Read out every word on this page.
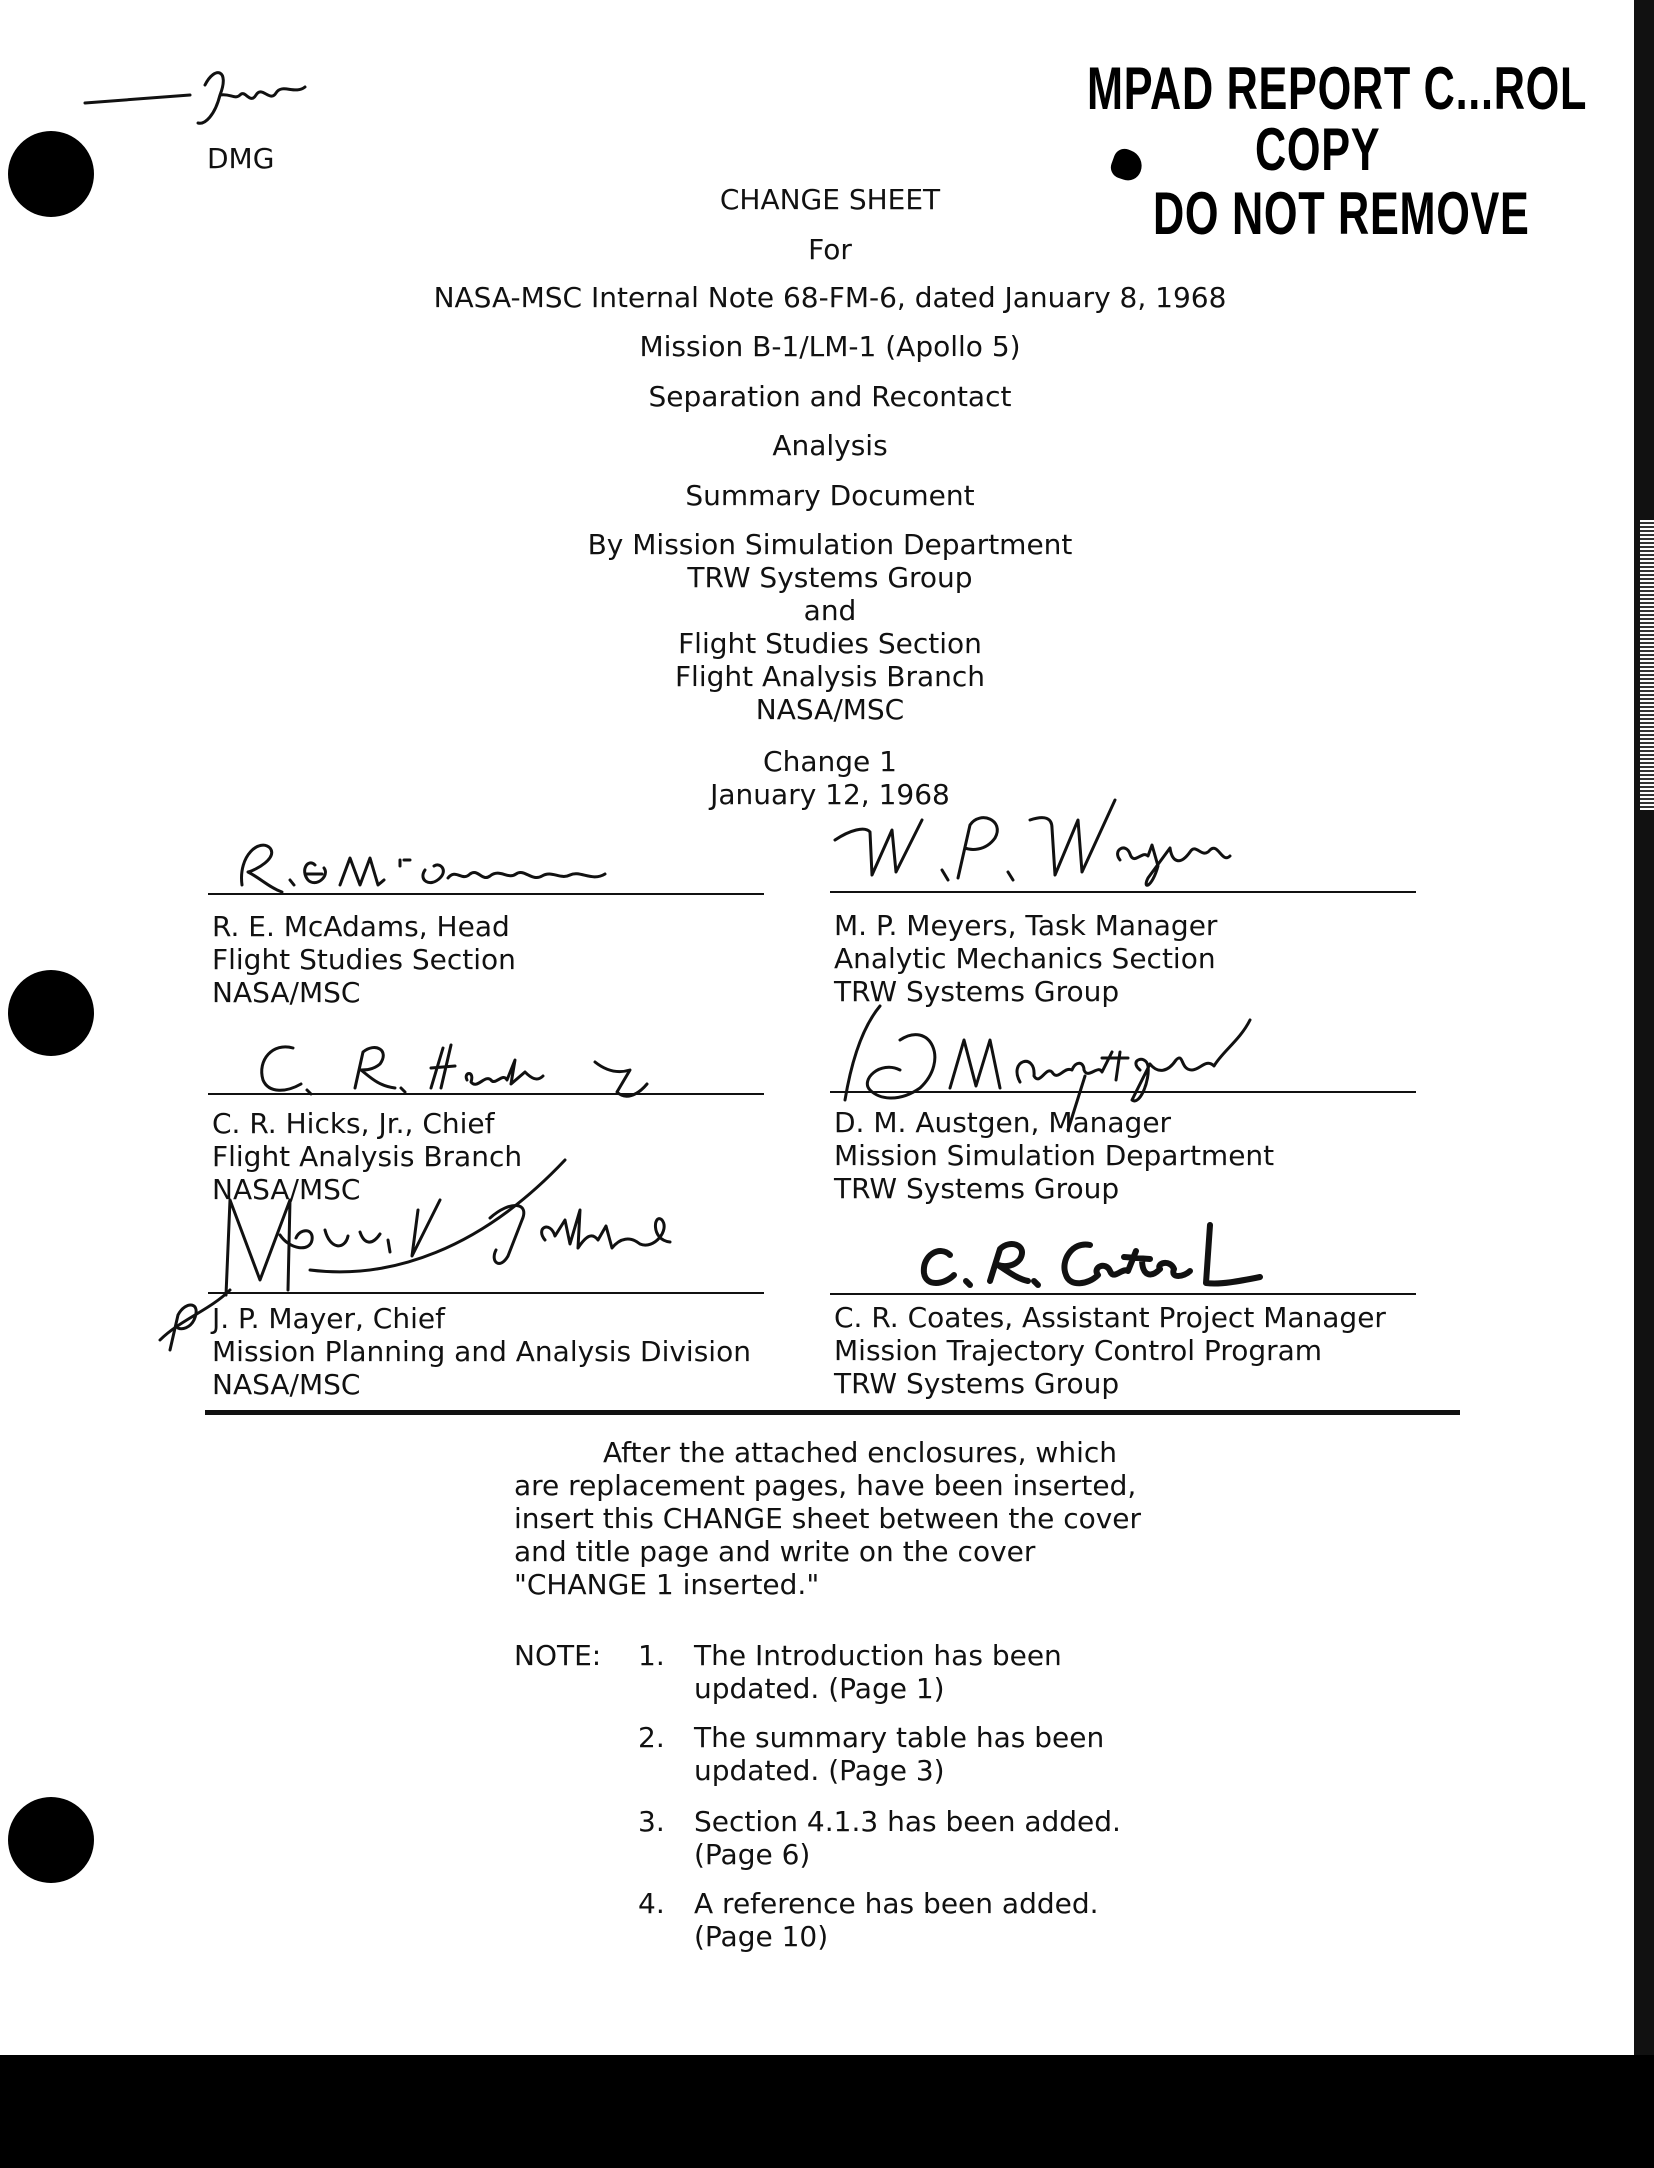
DMG
MPAD REPORT C...ROL
COPY
DO NOT REMOVE
CHANGE SHEET
For
NASA-MSC Internal Note 68-FM-6, dated January 8, 1968
Mission B-1/LM-1 (Apollo 5)
Separation and Recontact
Analysis
Summary Document
By Mission Simulation Department
TRW Systems Group
and
Flight Studies Section
Flight Analysis Branch
NASA/MSC
Change 1
January 12, 1968
R. E. McAdams, Head
Flight Studies Section
NASA/MSC
M. P. Meyers, Task Manager
Analytic Mechanics Section
TRW Systems Group
C. R. Hicks, Jr., Chief
Flight Analysis Branch
NASA/MSC
D. M. Austgen, Manager
Mission Simulation Department
TRW Systems Group
J. P. Mayer, Chief
Mission Planning and Analysis Division
NASA/MSC
C. R. Coates, Assistant Project Manager
Mission Trajectory Control Program
TRW Systems Group
After the attached enclosures, which
are replacement pages, have been inserted,
insert this CHANGE sheet between the cover
and title page and write on the cover
"CHANGE 1 inserted."
NOTE: 1. The Introduction has been
updated. (Page 1)
2. The summary table has been
updated. (Page 3)
3. Section 4.1.3 has been added.
(Page 6)
4. A reference has been added.
(Page 10)
